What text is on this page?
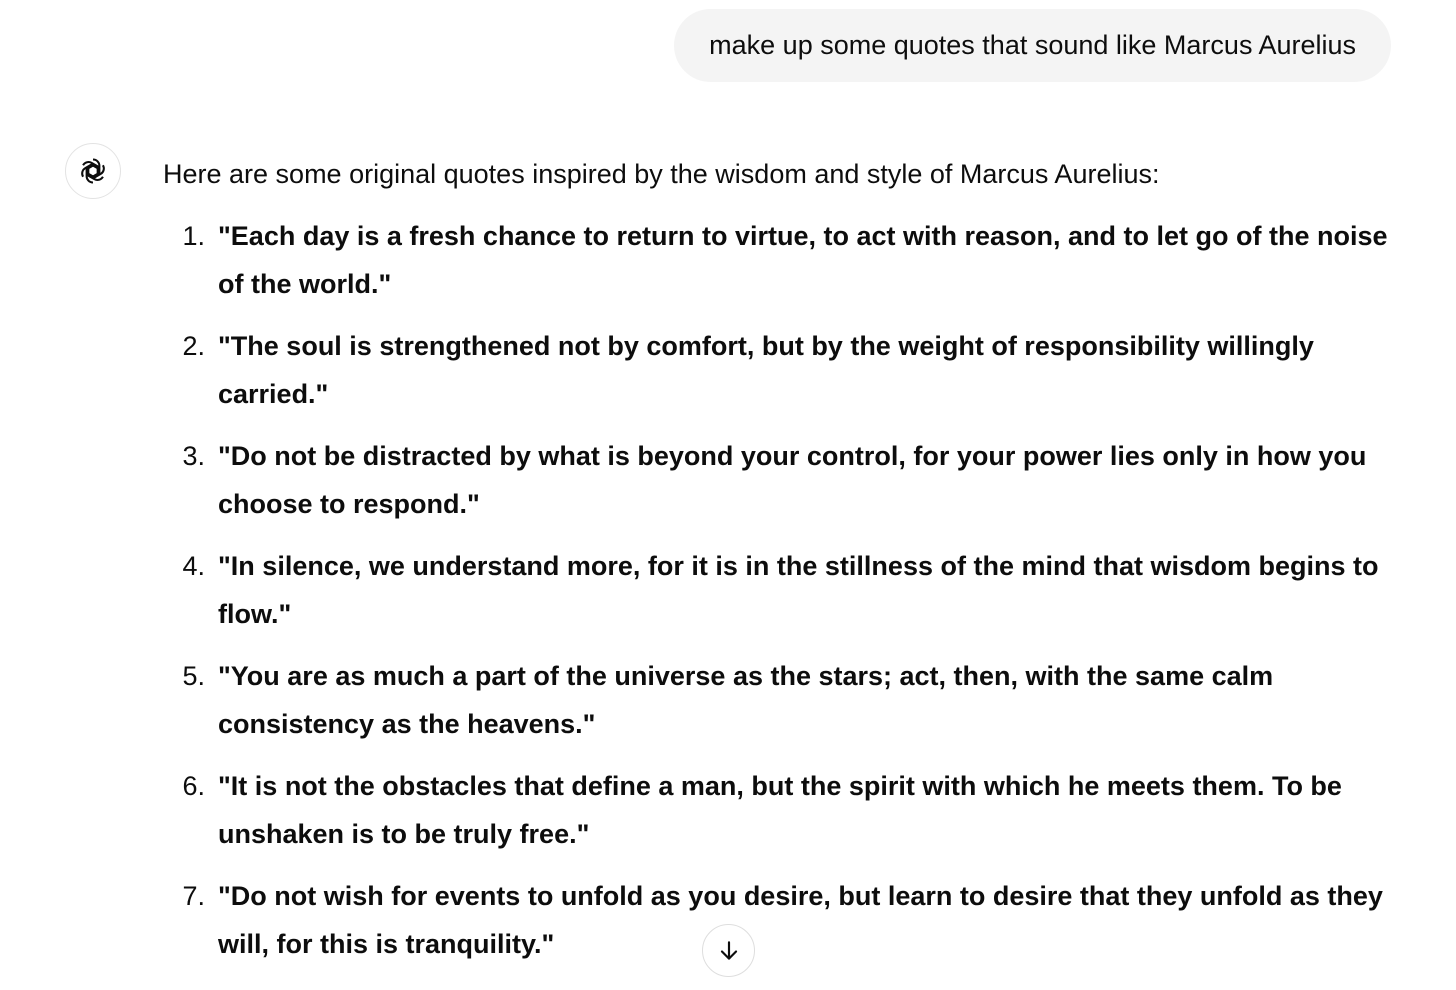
make up some quotes that sound like Marcus Aurelius

Here are some original quotes inspired by the wisdom and style of Marcus Aurelius:

1. "Each day is a fresh chance to return to virtue, to act with reason, and to let go of the noise of the world."
2. "The soul is strengthened not by comfort, but by the weight of responsibility willingly carried."
3. "Do not be distracted by what is beyond your control, for your power lies only in how you choose to respond."
4. "In silence, we understand more, for it is in the stillness of the mind that wisdom begins to flow."
5. "You are as much a part of the universe as the stars; act, then, with the same calm consistency as the heavens."
6. "It is not the obstacles that define a man, but the spirit with which he meets them. To be unshaken is to be truly free."
7. "Do not wish for events to unfold as you desire, but learn to desire that they unfold as they will, for this is tranquility."
